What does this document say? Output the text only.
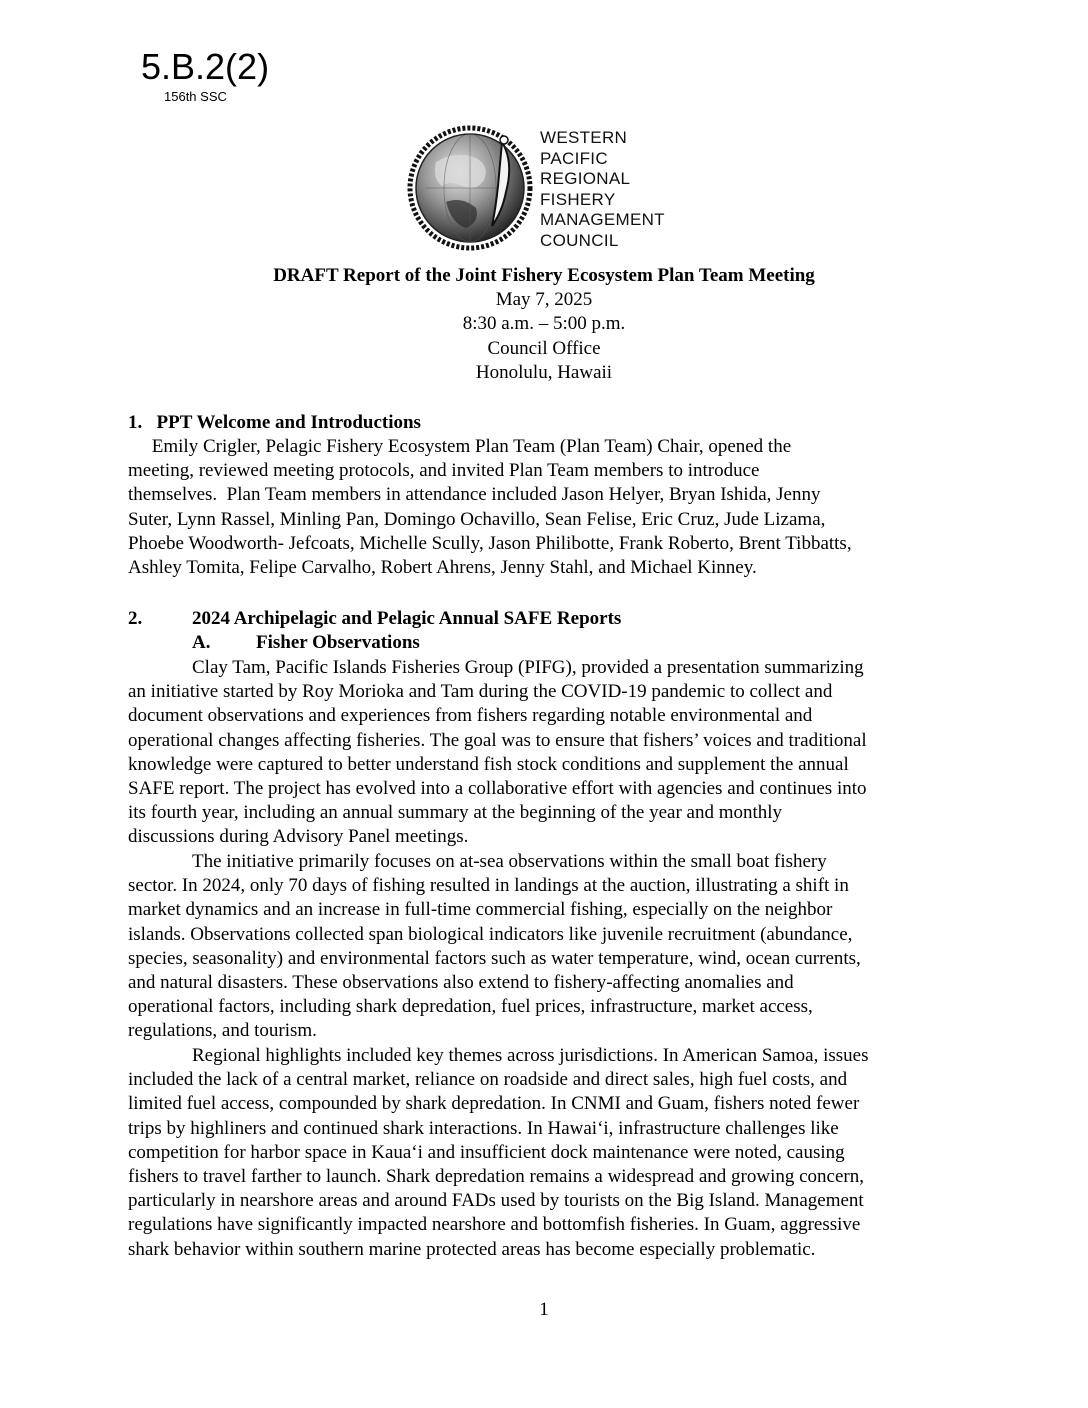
5.B.2(2)
156th SSC
WESTERN
PACIFIC
REGIONAL
FISHERY
MANAGEMENT
COUNCIL
DRAFT Report of the Joint Fishery Ecosystem Plan Team Meeting
May 7, 2025
8:30 a.m. – 5:00 p.m.
Council Office
Honolulu, Hawaii
1.   PPT Welcome and Introductions
Emily Crigler, Pelagic Fishery Ecosystem Plan Team (Plan Team) Chair, opened the
meeting, reviewed meeting protocols, and invited Plan Team members to introduce
themselves.  Plan Team members in attendance included Jason Helyer, Bryan Ishida, Jenny
Suter, Lynn Rassel, Minling Pan, Domingo Ochavillo, Sean Felise, Eric Cruz, Jude Lizama,
Phoebe Woodworth- Jefcoats, Michelle Scully, Jason Philibotte, Frank Roberto, Brent Tibbatts,
Ashley Tomita, Felipe Carvalho, Robert Ahrens, Jenny Stahl, and Michael Kinney.
2.	2024 Archipelagic and Pelagic Annual SAFE Reports
A. Fisher Observations
Clay Tam, Pacific Islands Fisheries Group (PIFG), provided a presentation summarizing
an initiative started by Roy Morioka and Tam during the COVID-19 pandemic to collect and
document observations and experiences from fishers regarding notable environmental and
operational changes affecting fisheries. The goal was to ensure that fishers’ voices and traditional
knowledge were captured to better understand fish stock conditions and supplement the annual
SAFE report. The project has evolved into a collaborative effort with agencies and continues into
its fourth year, including an annual summary at the beginning of the year and monthly
discussions during Advisory Panel meetings.
The initiative primarily focuses on at-sea observations within the small boat fishery
sector. In 2024, only 70 days of fishing resulted in landings at the auction, illustrating a shift in
market dynamics and an increase in full-time commercial fishing, especially on the neighbor
islands. Observations collected span biological indicators like juvenile recruitment (abundance,
species, seasonality) and environmental factors such as water temperature, wind, ocean currents,
and natural disasters. These observations also extend to fishery-affecting anomalies and
operational factors, including shark depredation, fuel prices, infrastructure, market access,
regulations, and tourism.
Regional highlights included key themes across jurisdictions. In American Samoa, issues
included the lack of a central market, reliance on roadside and direct sales, high fuel costs, and
limited fuel access, compounded by shark depredation. In CNMI and Guam, fishers noted fewer
trips by highliners and continued shark interactions. In Hawai‘i, infrastructure challenges like
competition for harbor space in Kaua‘i and insufficient dock maintenance were noted, causing
fishers to travel farther to launch. Shark depredation remains a widespread and growing concern,
particularly in nearshore areas and around FADs used by tourists on the Big Island. Management
regulations have significantly impacted nearshore and bottomfish fisheries. In Guam, aggressive
shark behavior within southern marine protected areas has become especially problematic.
1
